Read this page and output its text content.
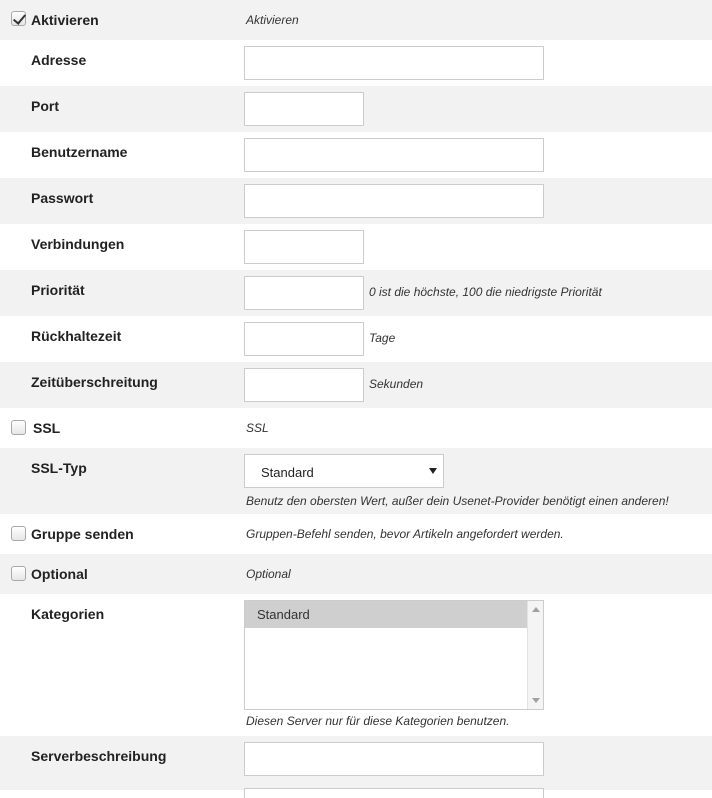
Aktivieren	Aktivieren
Adresse
Port
Benutzername
Passwort
Verbindungen
Priorität	0 ist die höchste, 100 die niedrigste Priorität
Rückhaltezeit	Tage
Zeitüberschreitung	Sekunden
SSL	SSL
SSL-Typ	Standard
Benutz den obersten Wert, außer dein Usenet-Provider benötigt einen anderen!
Gruppe senden	Gruppen-Befehl senden, bevor Artikeln angefordert werden.
Optional	Optional
Kategorien	Standard
Diesen Server nur für diese Kategorien benutzen.
Serverbeschreibung
